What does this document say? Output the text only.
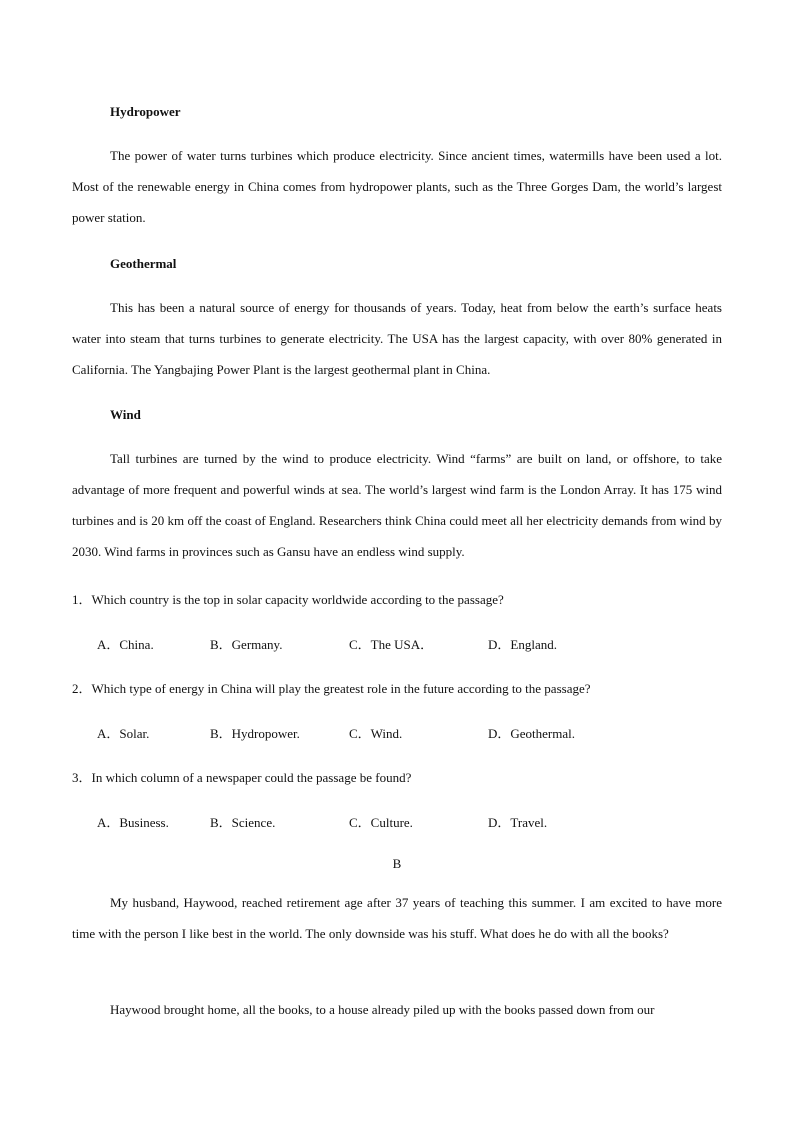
Hydropower

The power of water turns turbines which produce electricity. Since ancient times, watermills have been used a lot. Most of the renewable energy in China comes from hydropower plants, such as the Three Gorges Dam, the world’s largest power station.

Geothermal

This has been a natural source of energy for thousands of years. Today, heat from below the earth’s surface heats water into steam that turns turbines to generate electricity. The USA has the largest capacity, with over 80% generated in California. The Yangbajing Power Plant is the largest geothermal plant in China.

Wind

Tall turbines are turned by the wind to produce electricity. Wind “farms” are built on land, or offshore, to take advantage of more frequent and powerful winds at sea. The world’s largest wind farm is the London Array. It has 175 wind turbines and is 20 km off the coast of England. Researchers think China could meet all her electricity demands from wind by 2030. Wind farms in provinces such as Gansu have an endless wind supply.

1．Which country is the top in solar capacity worldwide according to the passage?
A．China.	B．Germany.	C．The USA．	D．England.
2．Which type of energy in China will play the greatest role in the future according to the passage?
A．Solar.	B．Hydropower.	C．Wind.	D．Geothermal.
3．In which column of a newspaper could the passage be found?
A．Business.	B．Science.	C．Culture.	D．Travel.
B

My husband, Haywood, reached retirement age after 37 years of teaching this summer. I am excited to have more time with the person I like best in the world. The only downside was his stuff. What does he do with all the books?

Haywood brought home, all the books, to a house already piled up with the books passed down from our
